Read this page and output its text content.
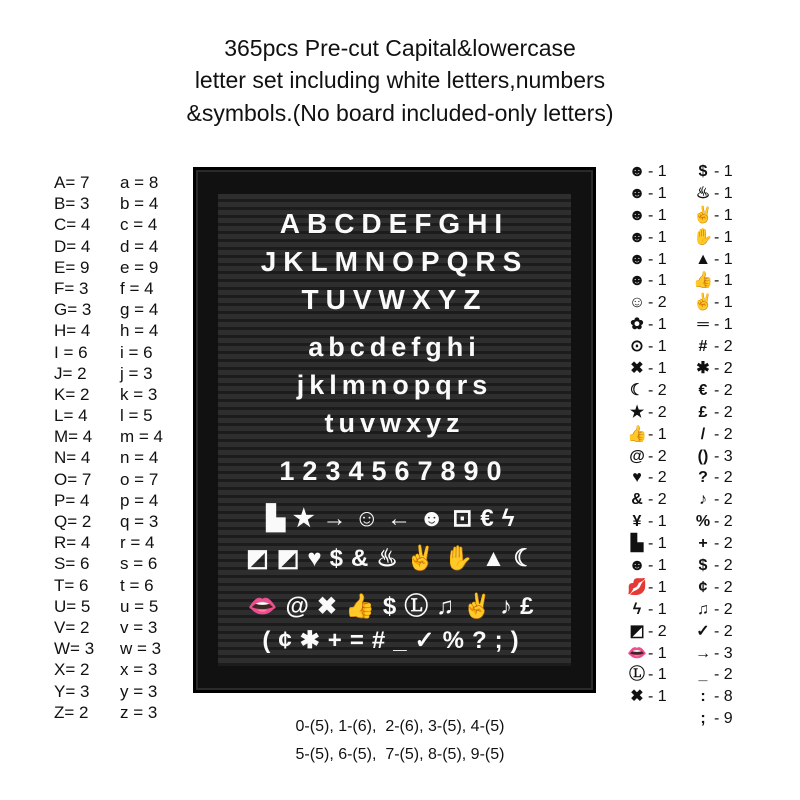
365pcs Pre-cut Capital&lowercase
letter set including white letters,numbers
&symbols.(No board included-only letters)
A= 7
B= 3
C= 4
D= 4
E= 9
F= 3
G= 3
H= 4
I = 6
J= 2
K= 2
L= 4
M= 4
N= 4
O= 7
P= 4
Q= 2
R= 4
S= 6
T= 6
U= 5
V= 2
W= 3
X= 2
Y= 3
Z= 2
a = 8
b = 4
c = 4
d = 4
e = 9
f = 4
g = 4
h = 4
i = 6
j = 3
k = 3
l = 5
m = 4
n = 4
o = 7
p = 4
q = 3
r = 4
s = 6
t = 6
u = 5
v = 3
w = 3
x = 3
y = 3
z = 3
ABCDEFGHI
JKLMNOPQRS
TUVWXYZ
abcdefghi
jklmnopqrs
tuvwxyz
1234567890
▙★→☺←☻⊡€ϟ
◩◩♥$&♨✌✋▲☾
👄@✖👍$Ⓛ♫✌♪£
(¢✱+=#_✓%?;)
☻ - 1
☻ - 1
☻ - 1
☻ - 1
☻ - 1
☻ - 1
☺ - 2
✿ - 1
⊙ - 1
✖ - 1
☾ - 2
★ - 2
👍 - 1
@ - 2
♥ - 2
& - 2
¥ - 1
▙ - 1
☻ - 1
💋 - 1
ϟ - 1
◩ - 2
👄 - 1
Ⓛ - 1
✖ - 1
$ - 1
♨ - 1
✌ - 1
✋ - 1
▲ - 1
👍 - 1
✌ - 1
═ - 1
# - 2
✱ - 2
€ - 2
£ - 2
/ - 2
() - 3
? - 2
♪ - 2
% - 2
+ - 2
$ - 2
¢ - 2
♫ - 2
✓ - 2
→ - 3
_ - 2
: - 8
; - 9
0-(5), 1-(6),  2-(6), 3-(5), 4-(5)
5-(5), 6-(5),  7-(5), 8-(5), 9-(5)
